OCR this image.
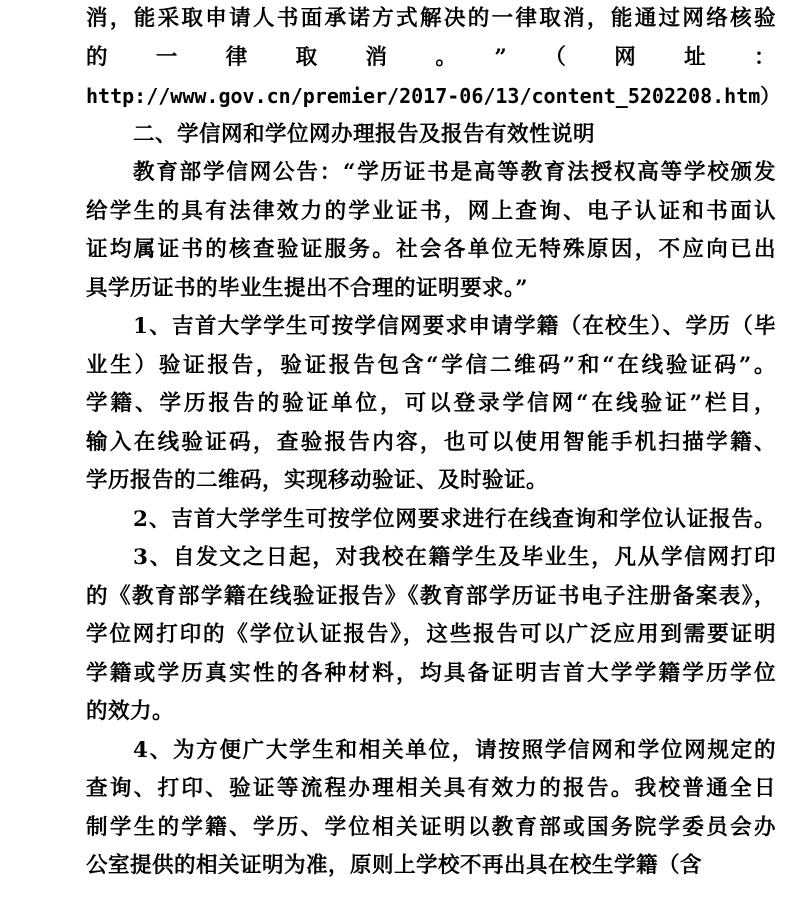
消，能采取申请人书面承诺方式解决的一律取消，能通过网络核验
的一律取消。”（网址：
http://www.gov.cn/premier/2017-06/13/content_5202208.htm）
二、学信网和学位网办理报告及报告有效性说明
教育部学信网公告：“学历证书是高等教育法授权高等学校颁发
给学生的具有法律效力的学业证书，网上查询、电子认证和书面认
证均属证书的核查验证服务。社会各单位无特殊原因，不应向已出
具学历证书的毕业生提出不合理的证明要求。”
1、吉首大学学生可按学信网要求申请学籍（在校生）、学历（毕
业生）验证报告，验证报告包含“学信二维码”和“在线验证码”。
学籍、学历报告的验证单位，可以登录学信网“在线验证”栏目，
输入在线验证码，查验报告内容，也可以使用智能手机扫描学籍、
学历报告的二维码，实现移动验证、及时验证。
2、吉首大学学生可按学位网要求进行在线查询和学位认证报告。
3、自发文之日起，对我校在籍学生及毕业生，凡从学信网打印
的《教育部学籍在线验证报告》《教育部学历证书电子注册备案表》，
学位网打印的《学位认证报告》，这些报告可以广泛应用到需要证明
学籍或学历真实性的各种材料，均具备证明吉首大学学籍学历学位
的效力。
4、为方便广大学生和相关单位，请按照学信网和学位网规定的
查询、打印、验证等流程办理相关具有效力的报告。我校普通全日
制学生的学籍、学历、学位相关证明以教育部或国务院学委员会办
公室提供的相关证明为准，原则上学校不再出具在校生学籍（含
